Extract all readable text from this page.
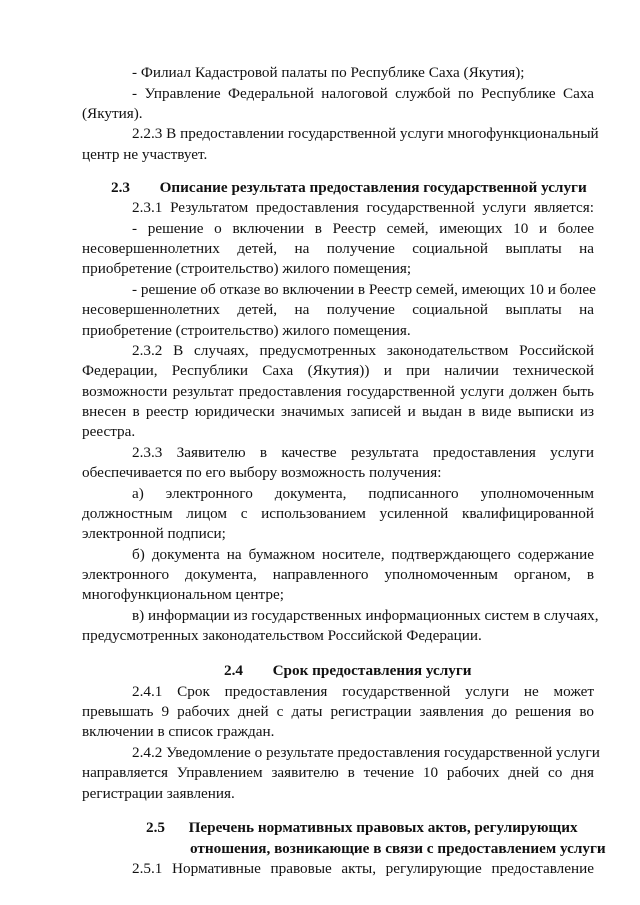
- Филиал Кадастровой палаты по Республике Саха (Якутия);
- Управление Федеральной налоговой службой по Республике Саха
(Якутия).
2.2.3 В предоставлении государственной услуги многофункциональный
центр не участвует.
2.3 Описание результата предоставления государственной услуги
2.3.1 Результатом предоставления государственной услуги является:
- решение о включении в Реестр семей, имеющих 10 и более
несовершеннолетних детей, на получение социальной выплаты на
приобретение (строительство) жилого помещения;
- решение об отказе во включении в Реестр семей, имеющих 10 и более
несовершеннолетних детей, на получение социальной выплаты на
приобретение (строительство) жилого помещения.
2.3.2 В случаях, предусмотренных законодательством Российской
Федерации, Республики Саха (Якутия)) и при наличии технической
возможности результат предоставления государственной услуги должен быть
внесен в реестр юридически значимых записей и выдан в виде выписки из
реестра.
2.3.3 Заявителю в качестве результата предоставления услуги
обеспечивается по его выбору возможность получения:
а) электронного документа, подписанного уполномоченным
должностным лицом с использованием усиленной квалифицированной
электронной подписи;
б) документа на бумажном носителе, подтверждающего содержание
электронного документа, направленного уполномоченным органом, в
многофункциональном центре;
в) информации из государственных информационных систем в случаях,
предусмотренных законодательством Российской Федерации.
2.4 Срок предоставления услуги
2.4.1 Срок предоставления государственной услуги не может
превышать 9 рабочих дней с даты регистрации заявления до решения во
включении в список граждан.
2.4.2 Уведомление о результате предоставления государственной услуги
направляется Управлением заявителю в течение 10 рабочих дней со дня
регистрации заявления.
2.5 Перечень нормативных правовых актов, регулирующих
отношения, возникающие в связи с предоставлением услуги
2.5.1 Нормативные правовые акты, регулирующие предоставление
